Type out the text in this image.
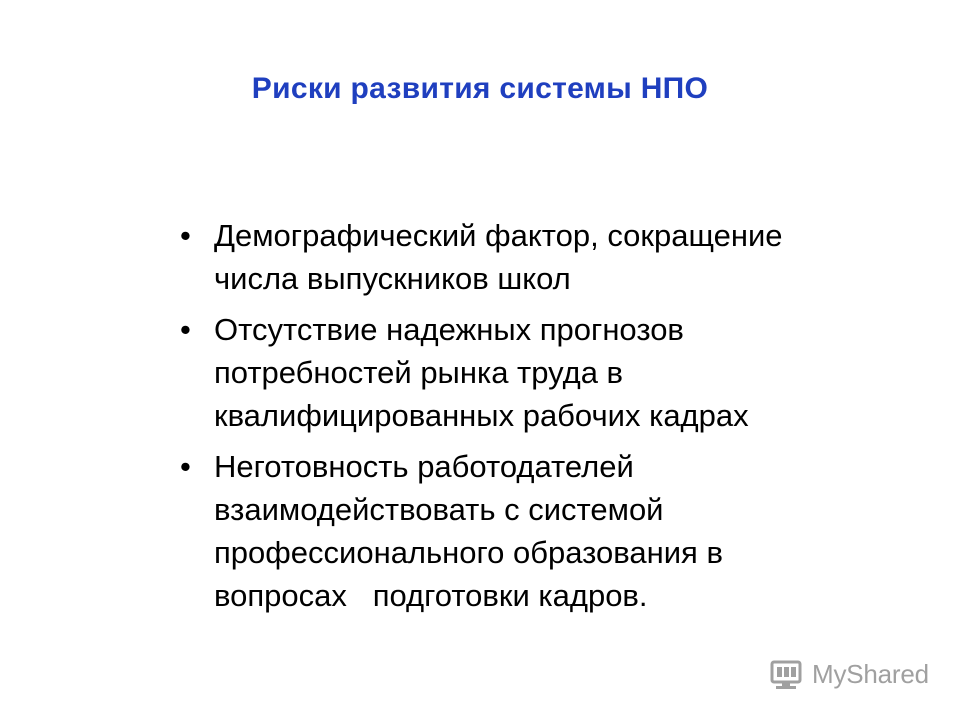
Риски развития системы НПО
• Демографический фактор, сокращение
числа выпускников школ
• Отсутствие надежных прогнозов
потребностей рынка труда в
квалифицированных рабочих кадрах
• Неготовность работодателей
взаимодействовать с системой
профессионального образования в
вопросах   подготовки кадров.
MyShared
